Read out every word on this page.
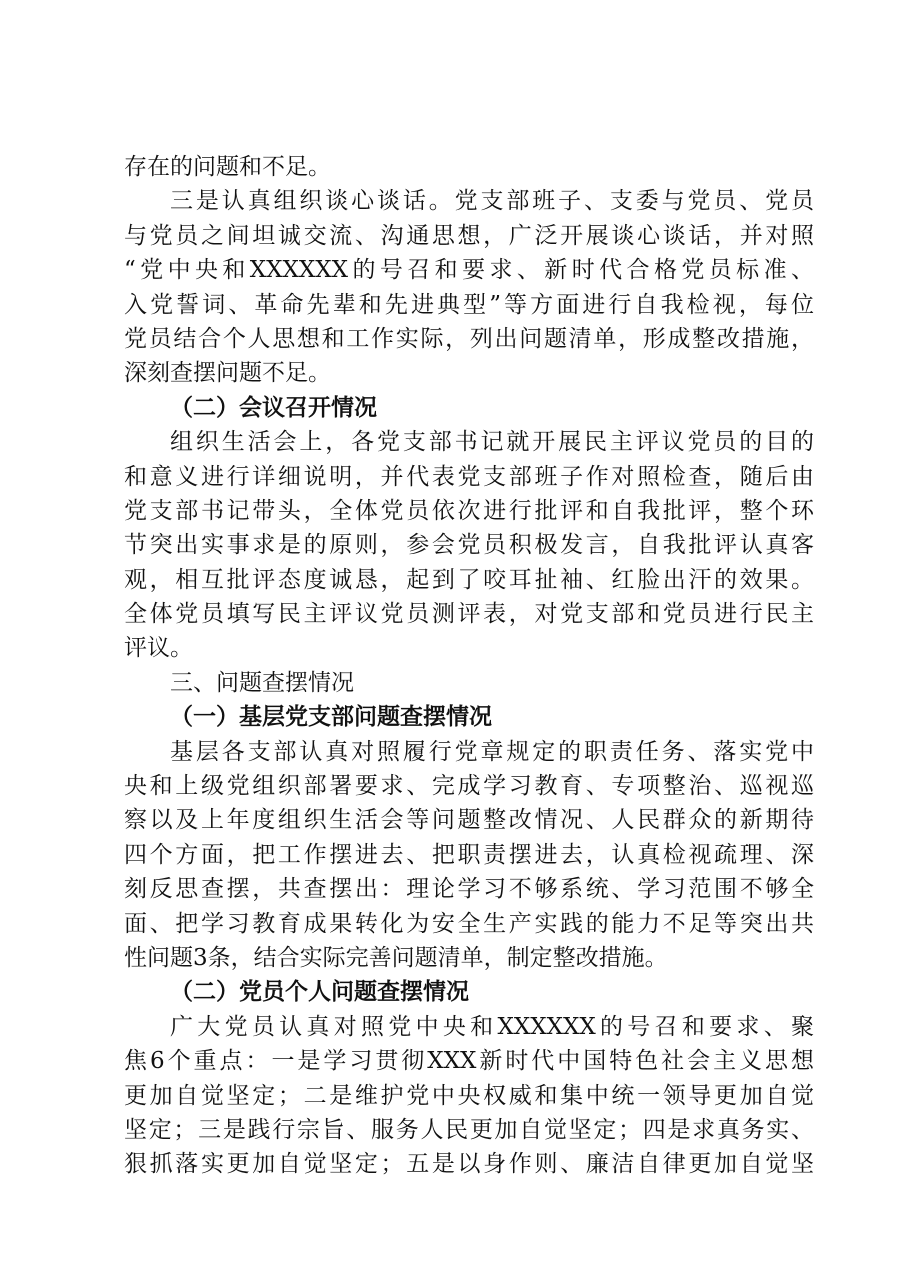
存在的问题和不足。
三是认真组织谈心谈话。党支部班子、支委与党员、党员
与党员之间坦诚交流、沟通思想，广泛开展谈心谈话，并对照
“党中央和XXXXXX的号召和要求、新时代合格党员标准、
入党誓词、革命先辈和先进典型”等方面进行自我检视，每位
党员结合个人思想和工作实际，列出问题清单，形成整改措施，
深刻查摆问题不足。
（二）会议召开情况
组织生活会上，各党支部书记就开展民主评议党员的目的
和意义进行详细说明，并代表党支部班子作对照检查，随后由
党支部书记带头，全体党员依次进行批评和自我批评，整个环
节突出实事求是的原则，参会党员积极发言，自我批评认真客
观，相互批评态度诚恳，起到了咬耳扯袖、红脸出汗的效果。
全体党员填写民主评议党员测评表，对党支部和党员进行民主
评议。
三、问题查摆情况
（一）基层党支部问题查摆情况
基层各支部认真对照履行党章规定的职责任务、落实党中
央和上级党组织部署要求、完成学习教育、专项整治、巡视巡
察以及上年度组织生活会等问题整改情况、人民群众的新期待
四个方面，把工作摆进去、把职责摆进去，认真检视疏理、深
刻反思查摆，共查摆出：理论学习不够系统、学习范围不够全
面、把学习教育成果转化为安全生产实践的能力不足等突出共
性问题3条，结合实际完善问题清单，制定整改措施。
（二）党员个人问题查摆情况
广大党员认真对照党中央和XXXXXX的号召和要求、聚
焦6个重点：一是学习贯彻XXX新时代中国特色社会主义思想
更加自觉坚定；二是维护党中央权威和集中统一领导更加自觉
坚定；三是践行宗旨、服务人民更加自觉坚定；四是求真务实、
狠抓落实更加自觉坚定；五是以身作则、廉洁自律更加自觉坚
